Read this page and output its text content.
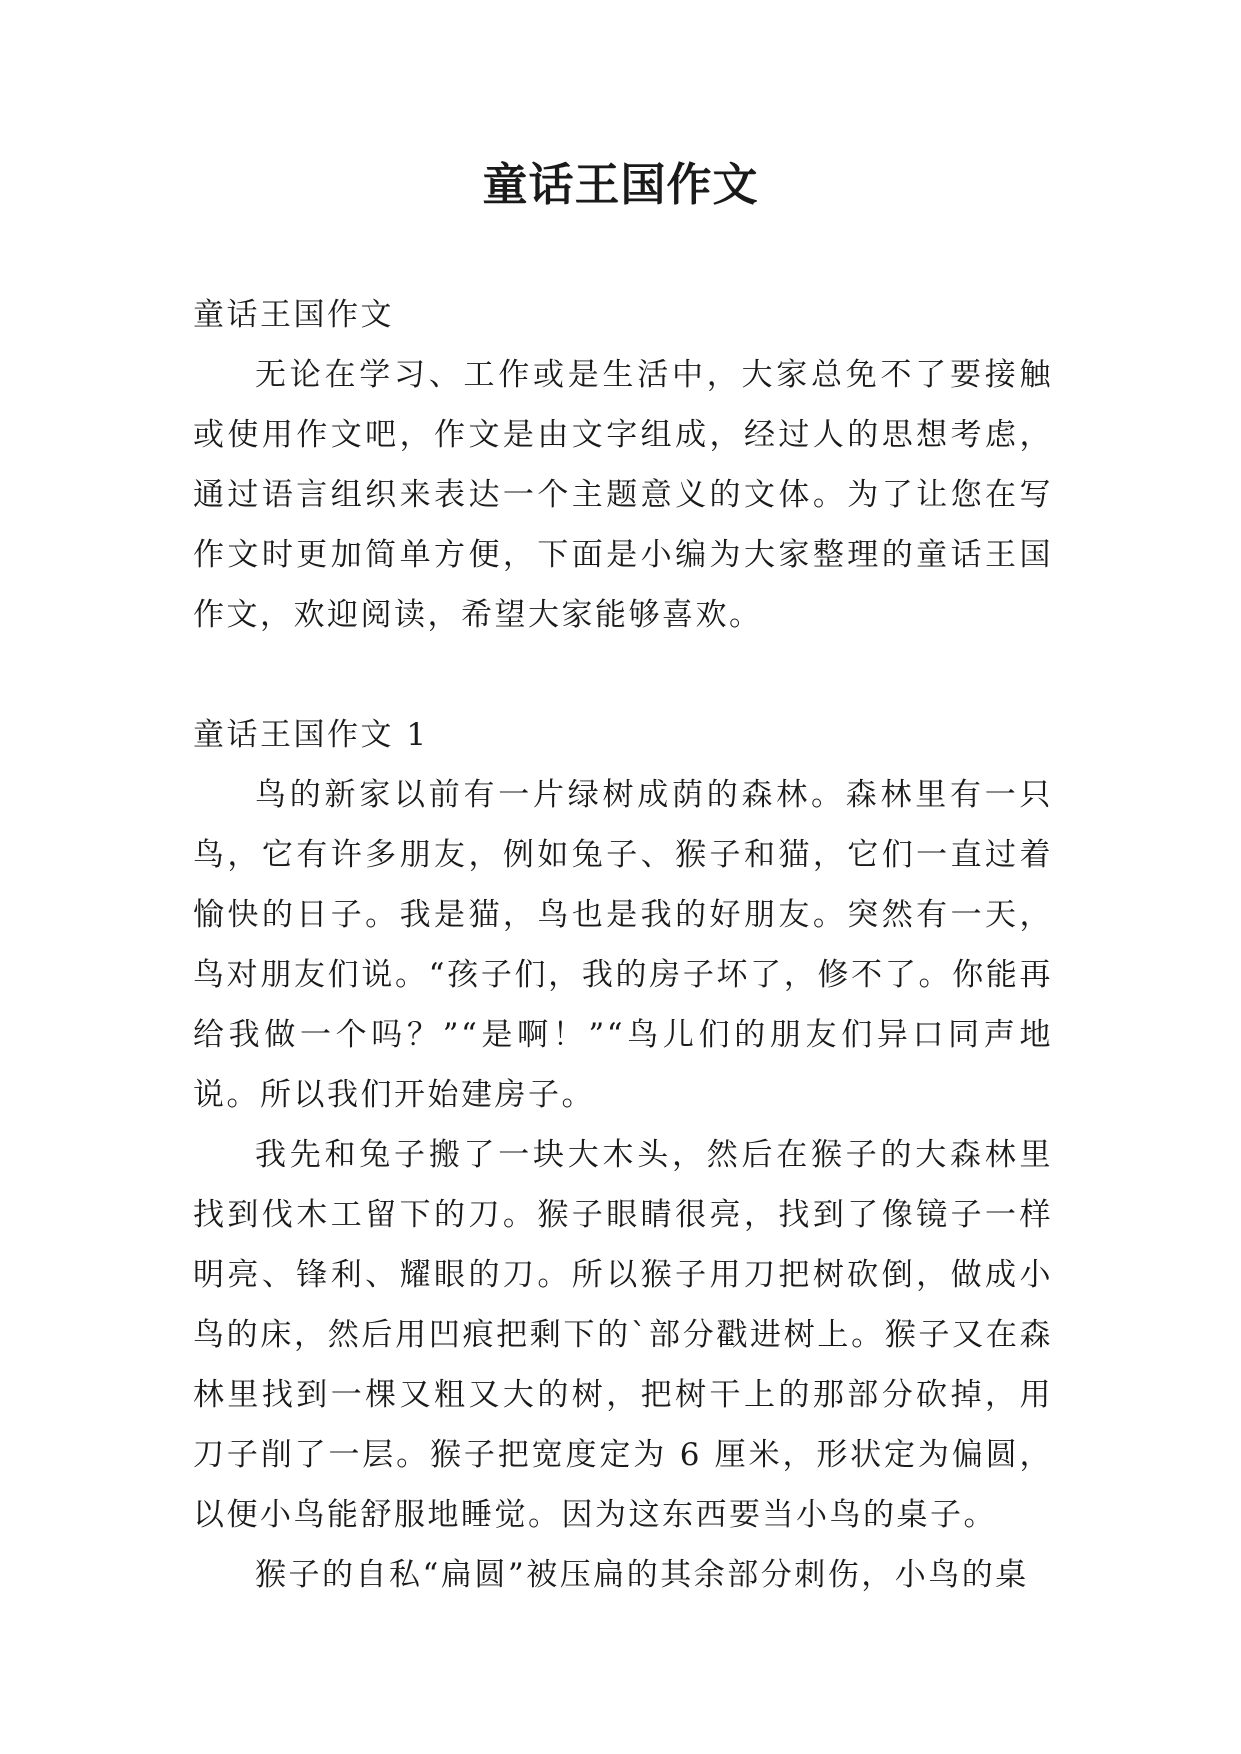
童话王国作文

童话王国作文

无论在学习、工作或是生活中，大家总免不了要接触或使用作文吧，作文是由文字组成，经过人的思想考虑，通过语言组织来表达一个主题意义的文体。为了让您在写作文时更加简单方便，下面是小编为大家整理的童话王国作文，欢迎阅读，希望大家能够喜欢。

童话王国作文 1

鸟的新家以前有一片绿树成荫的森林。森林里有一只鸟，它有许多朋友，例如兔子、猴子和猫，它们一直过着愉快的日子。我是猫，鸟也是我的好朋友。突然有一天，鸟对朋友们说。“孩子们，我的房子坏了，修不了。你能再给我做一个吗？”“是啊！”“鸟儿们的朋友们异口同声地说。所以我们开始建房子。

我先和兔子搬了一块大木头，然后在猴子的大森林里找到伐木工留下的刀。猴子眼睛很亮，找到了像镜子一样明亮、锋利、耀眼的刀。所以猴子用刀把树砍倒，做成小鸟的床，然后用凹痕把剩下的`部分戳进树上。猴子又在森林里找到一棵又粗又大的树，把树干上的那部分砍掉，用刀子削了一层。猴子把宽度定为 6 厘米，形状定为偏圆，以便小鸟能舒服地睡觉。因为这东西要当小鸟的桌子。

猴子的自私“扁圆”被压扁的其余部分刺伤，小鸟的桌
